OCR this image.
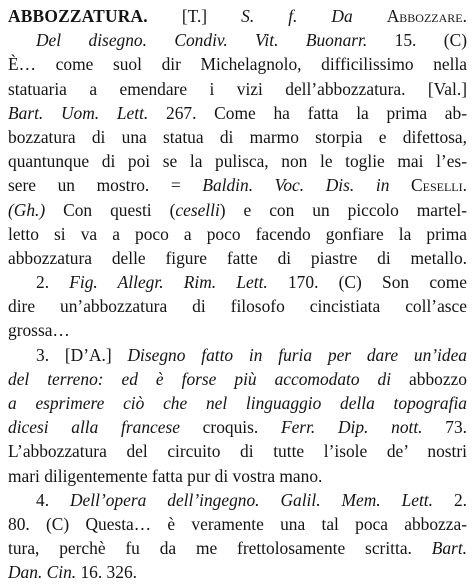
ABBOZZATURA. [T.] S. f. Da Abbozzare.
Del disegno. Condiv. Vit. Buonarr. 15. (C)
È… come suol dir Michelagnolo, difficilissimo nella
statuaria a emendare i vizi dell’abbozzatura. [Val.]
Bart. Uom. Lett. 267. Come ha fatta la prima ab-
bozzatura di una statua di marmo storpia e difettosa,
quantunque di poi se la pulisca, non le toglie mai l’es-
sere un mostro. = Baldin. Voc. Dis. in Ceselli.
(Gh.) Con questi (ceselli) e con un piccolo martel-
letto si va a poco a poco facendo gonfiare la prima
abbozzatura delle figure fatte di piastre di metallo.
2. Fig. Allegr. Rim. Lett. 170. (C) Son come
dire un’abbozzatura di filosofo cincistiata coll’asce
grossa…
3. [D’A.] Disegno fatto in furia per dare un’idea
del terreno: ed è forse più accomodato di abbozzo
a esprimere ciò che nel linguaggio della topografia
dicesi alla francese croquis. Ferr. Dip. nott. 73.
L’abbozzatura del circuito di tutte l’isole de’ nostri
mari diligentemente fatta pur di vostra mano.
4. Dell’opera dell’ingegno. Galil. Mem. Lett. 2.
80. (C) Questa… è veramente una tal poca abbozza-
tura, perchè fu da me frettolosamente scritta. Bart.
Dan. Cin. 16. 326.
